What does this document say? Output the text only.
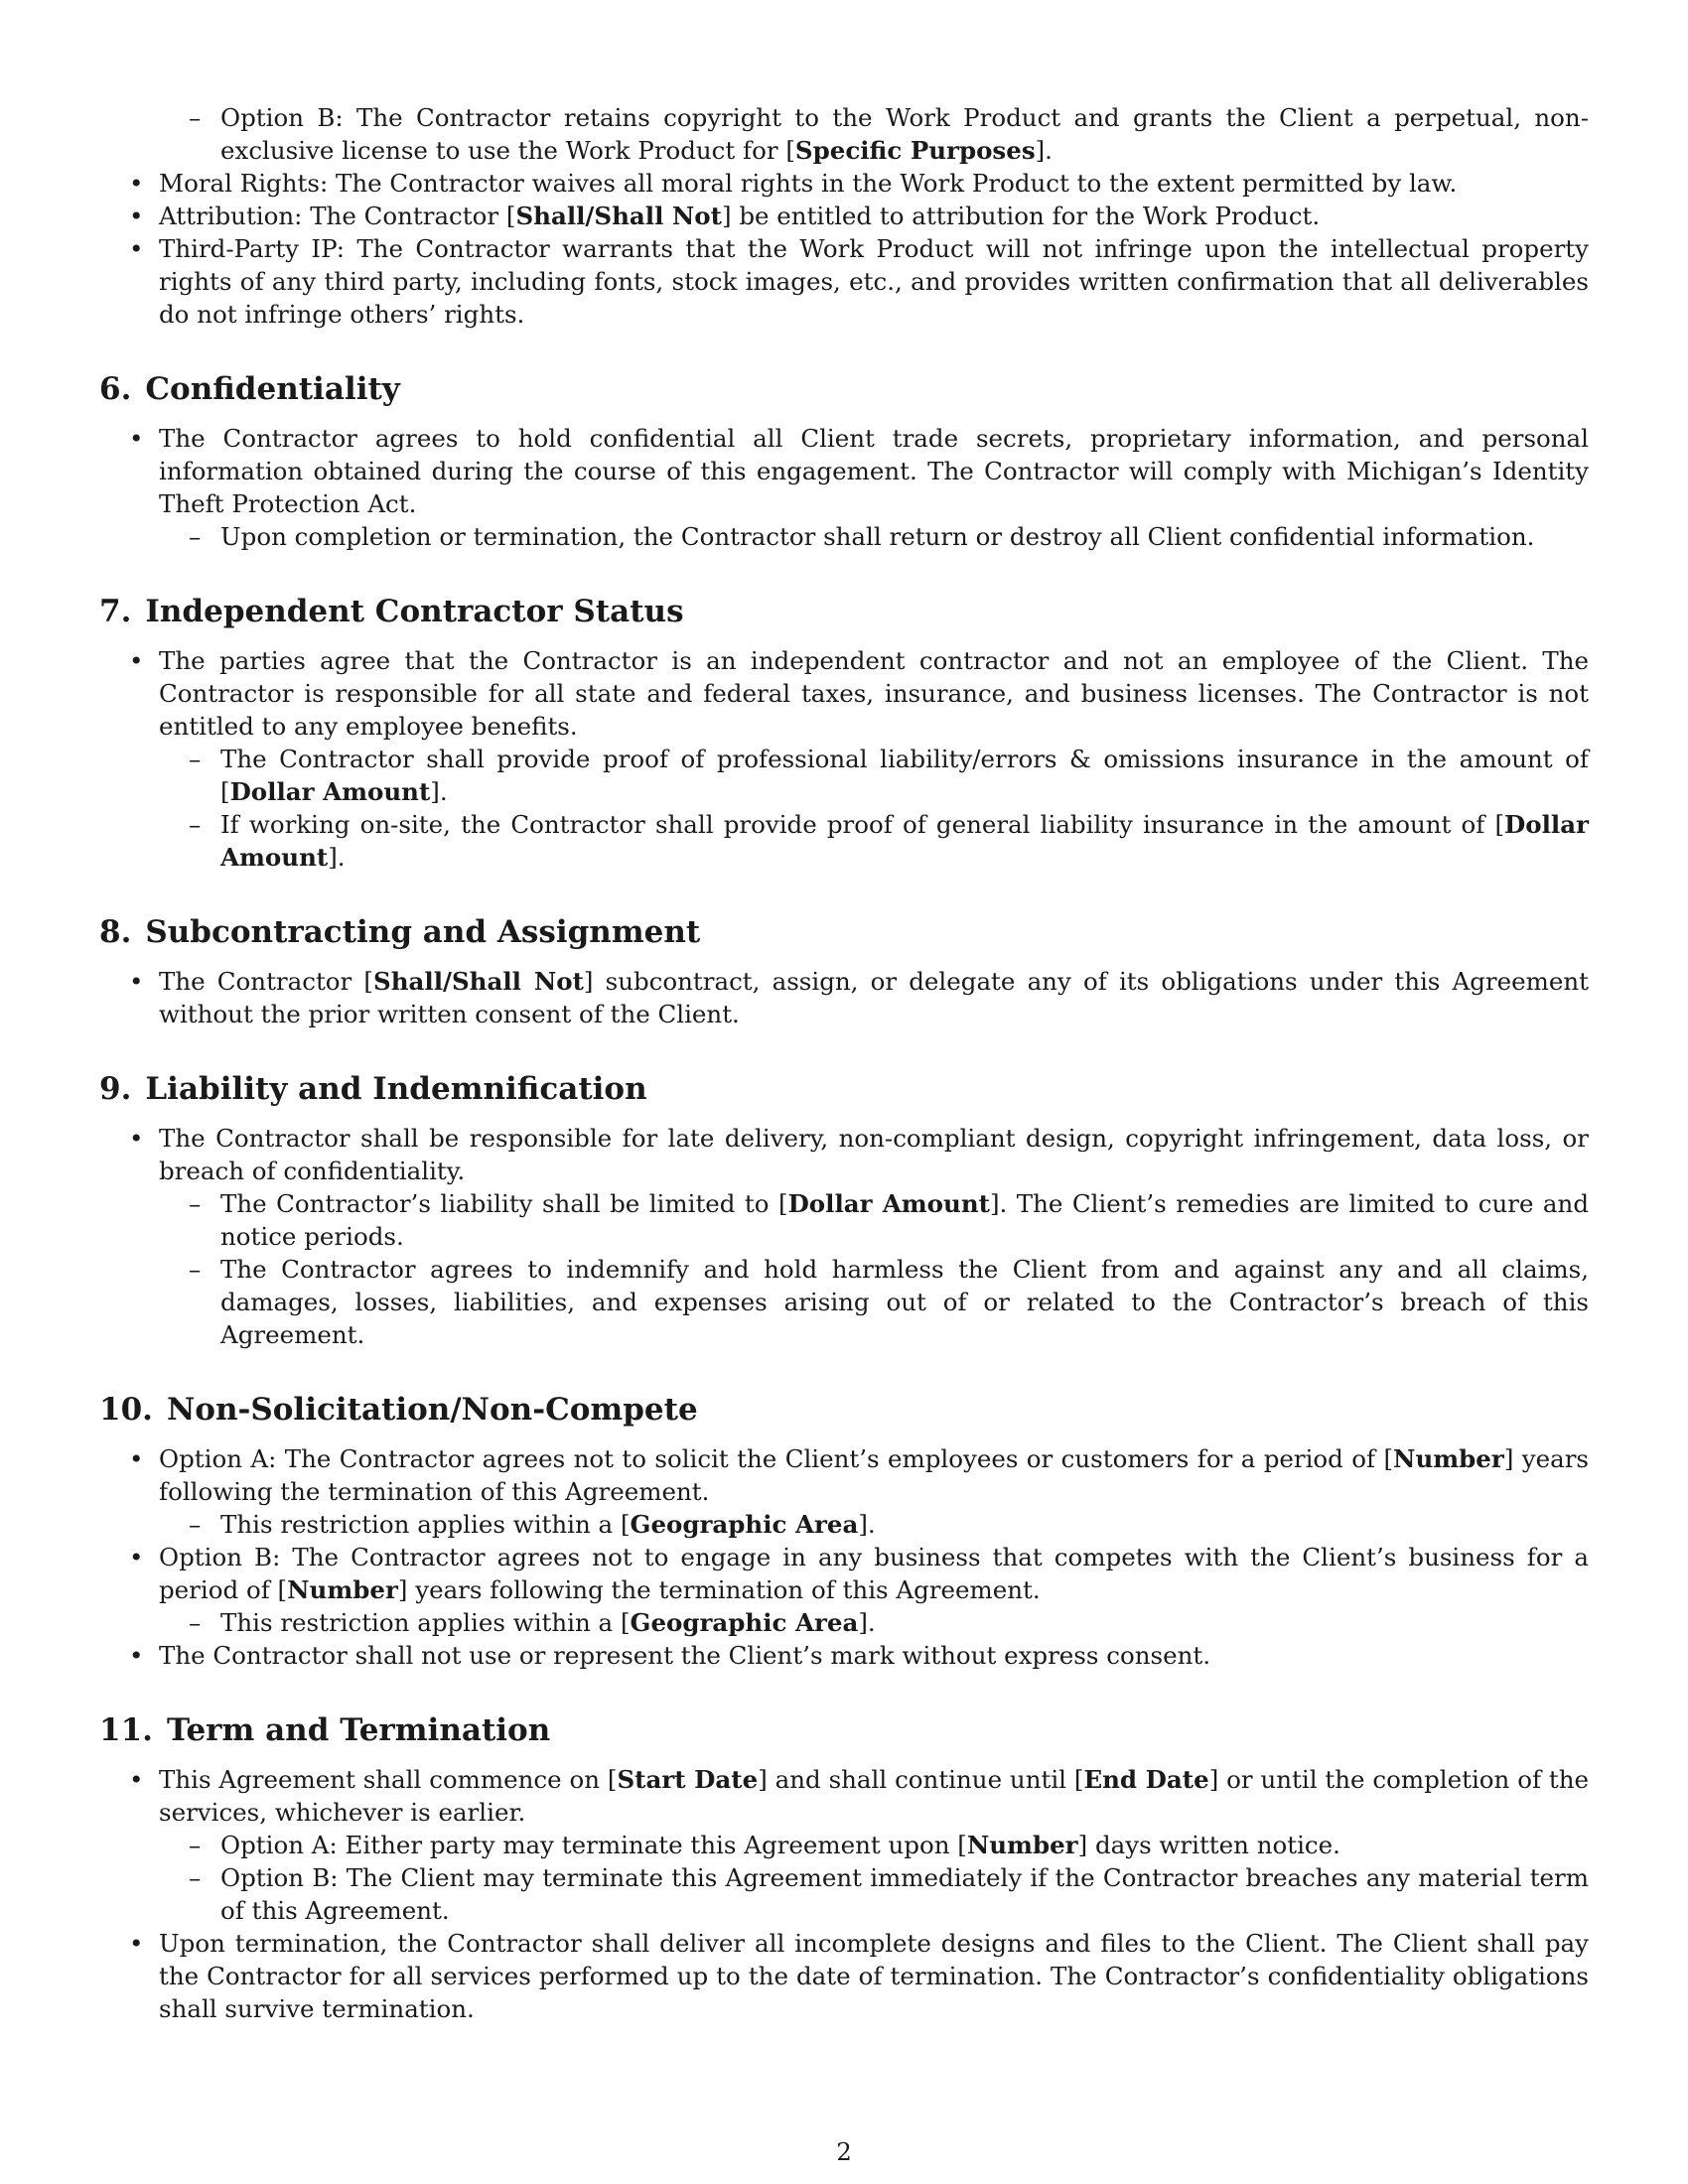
– Option B: The Contractor retains copyright to the Work Product and grants the Client a perpetual, non-exclusive license to use the Work Product for [Specific Purposes].
• Moral Rights: The Contractor waives all moral rights in the Work Product to the extent permitted by law.
• Attribution: The Contractor [Shall/Shall Not] be entitled to attribution for the Work Product.
• Third-Party IP: The Contractor warrants that the Work Product will not infringe upon the intellectual property rights of any third party, including fonts, stock images, etc., and provides written confirmation that all deliverables do not infringe others’ rights.
6. Confidentiality
• The Contractor agrees to hold confidential all Client trade secrets, proprietary information, and personal information obtained during the course of this engagement. The Contractor will comply with Michigan’s Identity Theft Protection Act.
– Upon completion or termination, the Contractor shall return or destroy all Client confidential information.
7. Independent Contractor Status
• The parties agree that the Contractor is an independent contractor and not an employee of the Client. The Contractor is responsible for all state and federal taxes, insurance, and business licenses. The Contractor is not entitled to any employee benefits.
– The Contractor shall provide proof of professional liability/errors & omissions insurance in the amount of [Dollar Amount].
– If working on-site, the Contractor shall provide proof of general liability insurance in the amount of [Dollar Amount].
8. Subcontracting and Assignment
• The Contractor [Shall/Shall Not] subcontract, assign, or delegate any of its obligations under this Agreement without the prior written consent of the Client.
9. Liability and Indemnification
• The Contractor shall be responsible for late delivery, non-compliant design, copyright infringement, data loss, or breach of confidentiality.
– The Contractor’s liability shall be limited to [Dollar Amount]. The Client’s remedies are limited to cure and notice periods.
– The Contractor agrees to indemnify and hold harmless the Client from and against any and all claims, damages, losses, liabilities, and expenses arising out of or related to the Contractor’s breach of this Agreement.
10. Non-Solicitation/Non-Compete
• Option A: The Contractor agrees not to solicit the Client’s employees or customers for a period of [Number] years following the termination of this Agreement.
– This restriction applies within a [Geographic Area].
• Option B: The Contractor agrees not to engage in any business that competes with the Client’s business for a period of [Number] years following the termination of this Agreement.
– This restriction applies within a [Geographic Area].
• The Contractor shall not use or represent the Client’s mark without express consent.
11. Term and Termination
• This Agreement shall commence on [Start Date] and shall continue until [End Date] or until the completion of the services, whichever is earlier.
– Option A: Either party may terminate this Agreement upon [Number] days written notice.
– Option B: The Client may terminate this Agreement immediately if the Contractor breaches any material term of this Agreement.
• Upon termination, the Contractor shall deliver all incomplete designs and files to the Client. The Client shall pay the Contractor for all services performed up to the date of termination. The Contractor’s confidentiality obligations shall survive termination.
2
